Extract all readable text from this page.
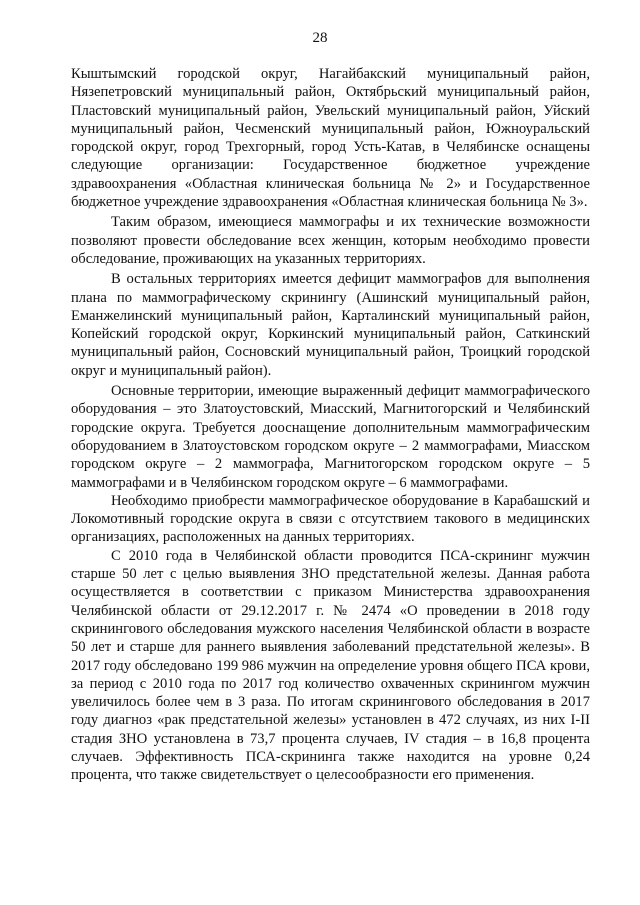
28

Кыштымский городской округ, Нагайбакский муниципальный район, Нязепетровский муниципальный район, Октябрьский муниципальный район, Пластовский муниципальный район, Увельский муниципальный район, Уйский муниципальный район, Чесменский муниципальный район, Южноуральский городской округ, город Трехгорный, город Усть-Катав, в Челябинске оснащены следующие организации: Государственное бюджетное учреждение здравоохранения «Областная клиническая больница № 2» и Государственное бюджетное учреждение здравоохранения «Областная клиническая больница № 3».

Таким образом, имеющиеся маммографы и их технические возможности позволяют провести обследование всех женщин, которым необходимо провести обследование, проживающих на указанных территориях.

В остальных территориях имеется дефицит маммографов для выполнения плана по маммографическому скринингу (Ашинский муниципальный район, Еманжелинский муниципальный район, Карталинский муниципальный район, Копейский городской округ, Коркинский муниципальный район, Саткинский муниципальный район, Сосновский муниципальный район, Троицкий городской округ и муниципальный район).

Основные территории, имеющие выраженный дефицит маммографического оборудования – это Златоустовский, Миасский, Магнитогорский и Челябинский городские округа. Требуется дооснащение дополнительным маммографическим оборудованием в Златоустовском городском округе – 2 маммографами, Миасском городском округе – 2 маммографа, Магнитогорском городском округе – 5 маммографами и в Челябинском городском округе – 6 маммографами.

Необходимо приобрести маммографическое оборудование в Карабашский и Локомотивный городские округа в связи с отсутствием такового в медицинских организациях, расположенных на данных территориях.

С 2010 года в Челябинской области проводится ПСА-скрининг мужчин старше 50 лет с целью выявления ЗНО предстательной железы. Данная работа осуществляется в соответствии с приказом Министерства здравоохранения Челябинской области от 29.12.2017 г. № 2474 «О проведении в 2018 году скринингового обследования мужского населения Челябинской области в возрасте 50 лет и старше для раннего выявления заболеваний предстательной железы». В 2017 году обследовано 199 986 мужчин на определение уровня общего ПСА крови, за период с 2010 года по 2017 год количество охваченных скринингом мужчин увеличилось более чем в 3 раза. По итогам скринингового обследования в 2017 году диагноз «рак предстательной железы» установлен в 472 случаях, из них I-II стадия ЗНО установлена в 73,7 процента случаев, IV стадия – в 16,8 процента случаев. Эффективность ПСА-скрининга также находится на уровне 0,24 процента, что также свидетельствует о целесообразности его применения.
